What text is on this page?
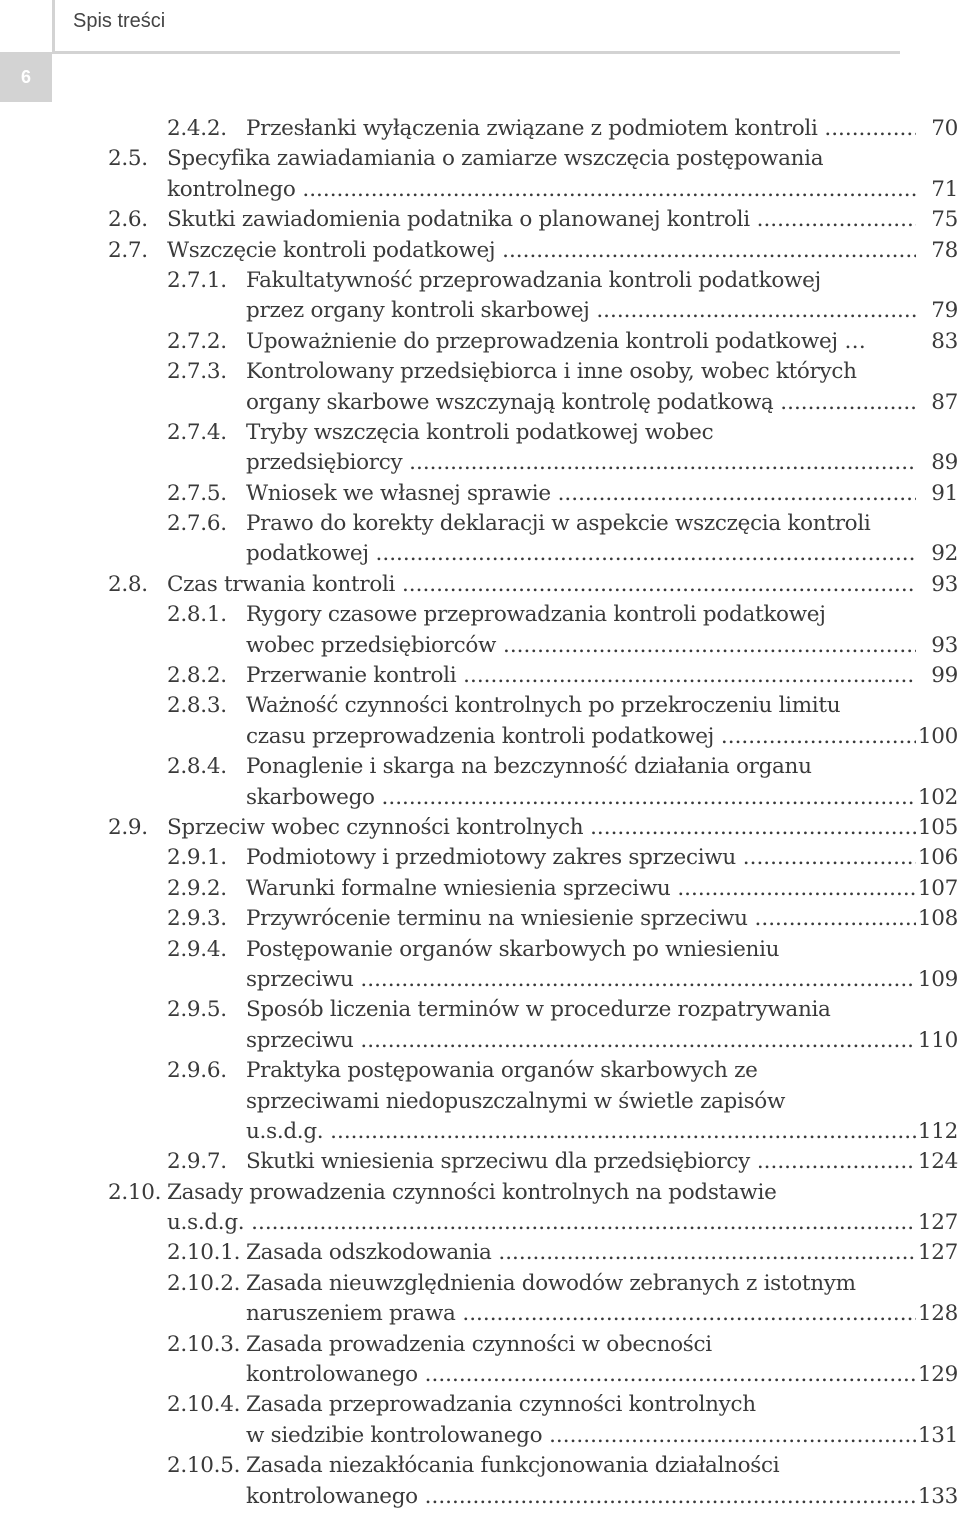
Spis treści
6
2.4.2. Przesłanki wyłączenia związane z podmiotem kontroli .....	70
2.5. Specyfika zawiadamiania o zamiarze wszczęcia postępowania
kontrolnego .....	71
2.6. Skutki zawiadomienia podatnika o planowanej kontroli .....	75
2.7. Wszczęcie kontroli podatkowej .....	78
2.7.1. Fakultatywność przeprowadzania kontroli podatkowej
przez organy kontroli skarbowej .....	79
2.7.2. Upoważnienie do przeprowadzenia kontroli podatkowej …	83
2.7.3. Kontrolowany przedsiębiorca i inne osoby, wobec których
organy skarbowe wszczynają kontrolę podatkową .....	87
2.7.4. Tryby wszczęcia kontroli podatkowej wobec
przedsiębiorcy .....	89
2.7.5. Wniosek we własnej sprawie .....	91
2.7.6. Prawo do korekty deklaracji w aspekcie wszczęcia kontroli
podatkowej .....	92
2.8. Czas trwania kontroli .....	93
2.8.1. Rygory czasowe przeprowadzania kontroli podatkowej
wobec przedsiębiorców .....	93
2.8.2. Przerwanie kontroli .....	99
2.8.3. Ważność czynności kontrolnych po przekroczeniu limitu
czasu przeprowadzenia kontroli podatkowej .....	100
2.8.4. Ponaglenie i skarga na bezczynność działania organu
skarbowego .....	102
2.9. Sprzeciw wobec czynności kontrolnych .....	105
2.9.1. Podmiotowy i przedmiotowy zakres sprzeciwu .....	106
2.9.2. Warunki formalne wniesienia sprzeciwu .....	107
2.9.3. Przywrócenie terminu na wniesienie sprzeciwu .....	108
2.9.4. Postępowanie organów skarbowych po wniesieniu
sprzeciwu .....	109
2.9.5. Sposób liczenia terminów w procedurze rozpatrywania
sprzeciwu .....	110
2.9.6. Praktyka postępowania organów skarbowych ze
sprzeciwami niedopuszczalnymi w świetle zapisów
u.s.d.g. .....	112
2.9.7. Skutki wniesienia sprzeciwu dla przedsiębiorcy .....	124
2.10. Zasady prowadzenia czynności kontrolnych na podstawie
u.s.d.g. .....	127
2.10.1. Zasada odszkodowania .....	127
2.10.2. Zasada nieuwzględnienia dowodów zebranych z istotnym
naruszeniem prawa .....	128
2.10.3. Zasada prowadzenia czynności w obecności
kontrolowanego .....	129
2.10.4. Zasada przeprowadzania czynności kontrolnych
w siedzibie kontrolowanego .....	131
2.10.5. Zasada niezakłócania funkcjonowania działalności
kontrolowanego .....	133
